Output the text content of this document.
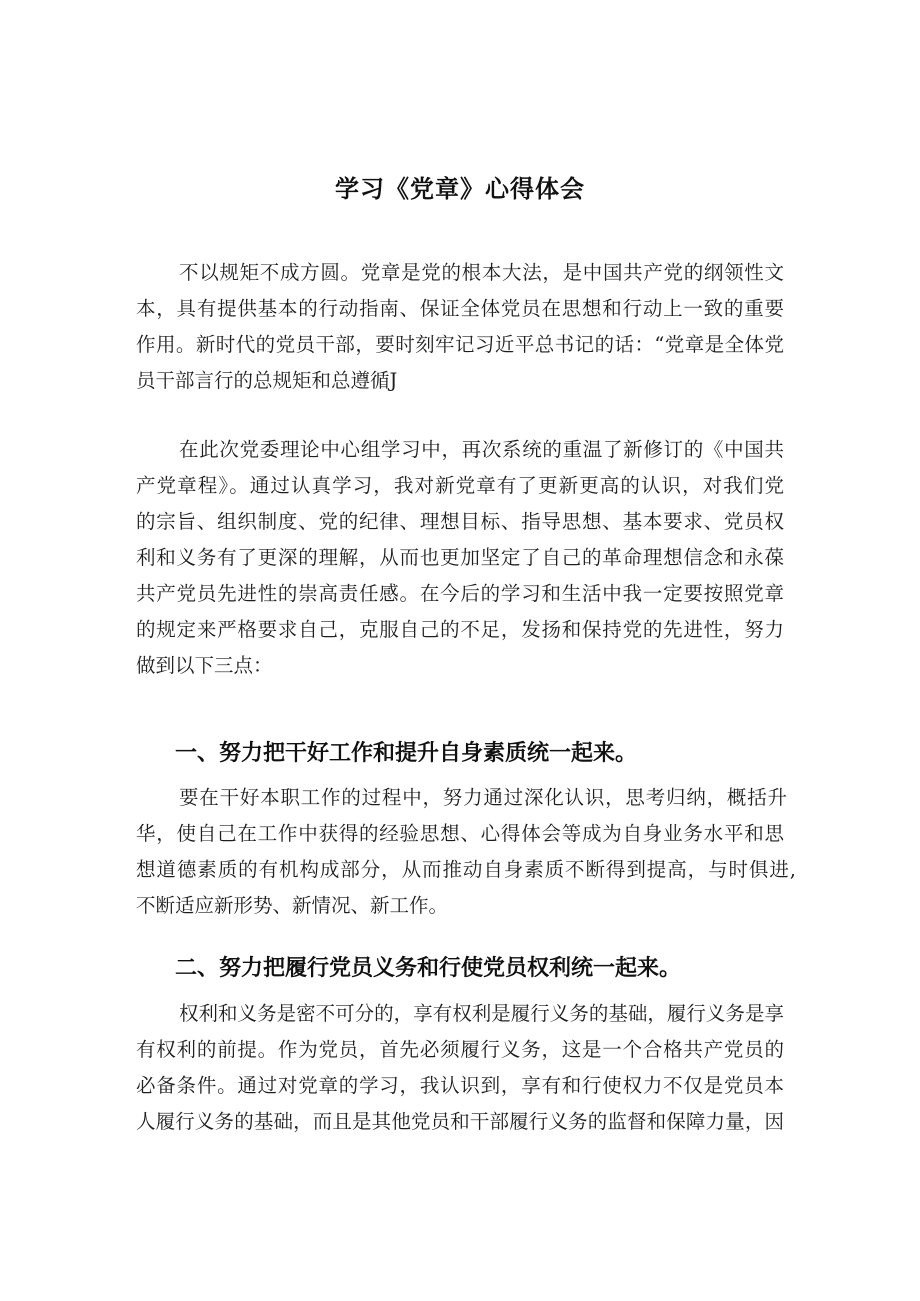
学习《党章》心得体会
不以规矩不成方圆。党章是党的根本大法，是中国共产党的纲领性文
本，具有提供基本的行动指南、保证全体党员在思想和行动上一致的重要
作用。新时代的党员干部，要时刻牢记习近平总书记的话：“党章是全体党
员干部言行的总规矩和总遵循J
在此次党委理论中心组学习中，再次系统的重温了新修订的《中国共
产党章程》。通过认真学习，我对新党章有了更新更高的认识，对我们党
的宗旨、组织制度、党的纪律、理想目标、指导思想、基本要求、党员权
利和义务有了更深的理解，从而也更加坚定了自己的革命理想信念和永葆
共产党员先进性的崇高责任感。在今后的学习和生活中我一定要按照党章
的规定来严格要求自己，克服自己的不足，发扬和保持党的先进性，努力
做到以下三点：
一、努力把干好工作和提升自身素质统一起来。
要在干好本职工作的过程中，努力通过深化认识，思考归纳，概括升
华，使自己在工作中获得的经验思想、心得体会等成为自身业务水平和思
想道德素质的有机构成部分，从而推动自身素质不断得到提高，与时俱进,
不断适应新形势、新情况、新工作。
二、努力把履行党员义务和行使党员权利统一起来。
权利和义务是密不可分的，享有权利是履行义务的基础，履行义务是享
有权利的前提。作为党员，首先必须履行义务，这是一个合格共产党员的
必备条件。通过对党章的学习，我认识到，享有和行使权力不仅是党员本
人履行义务的基础，而且是其他党员和干部履行义务的监督和保障力量，因
